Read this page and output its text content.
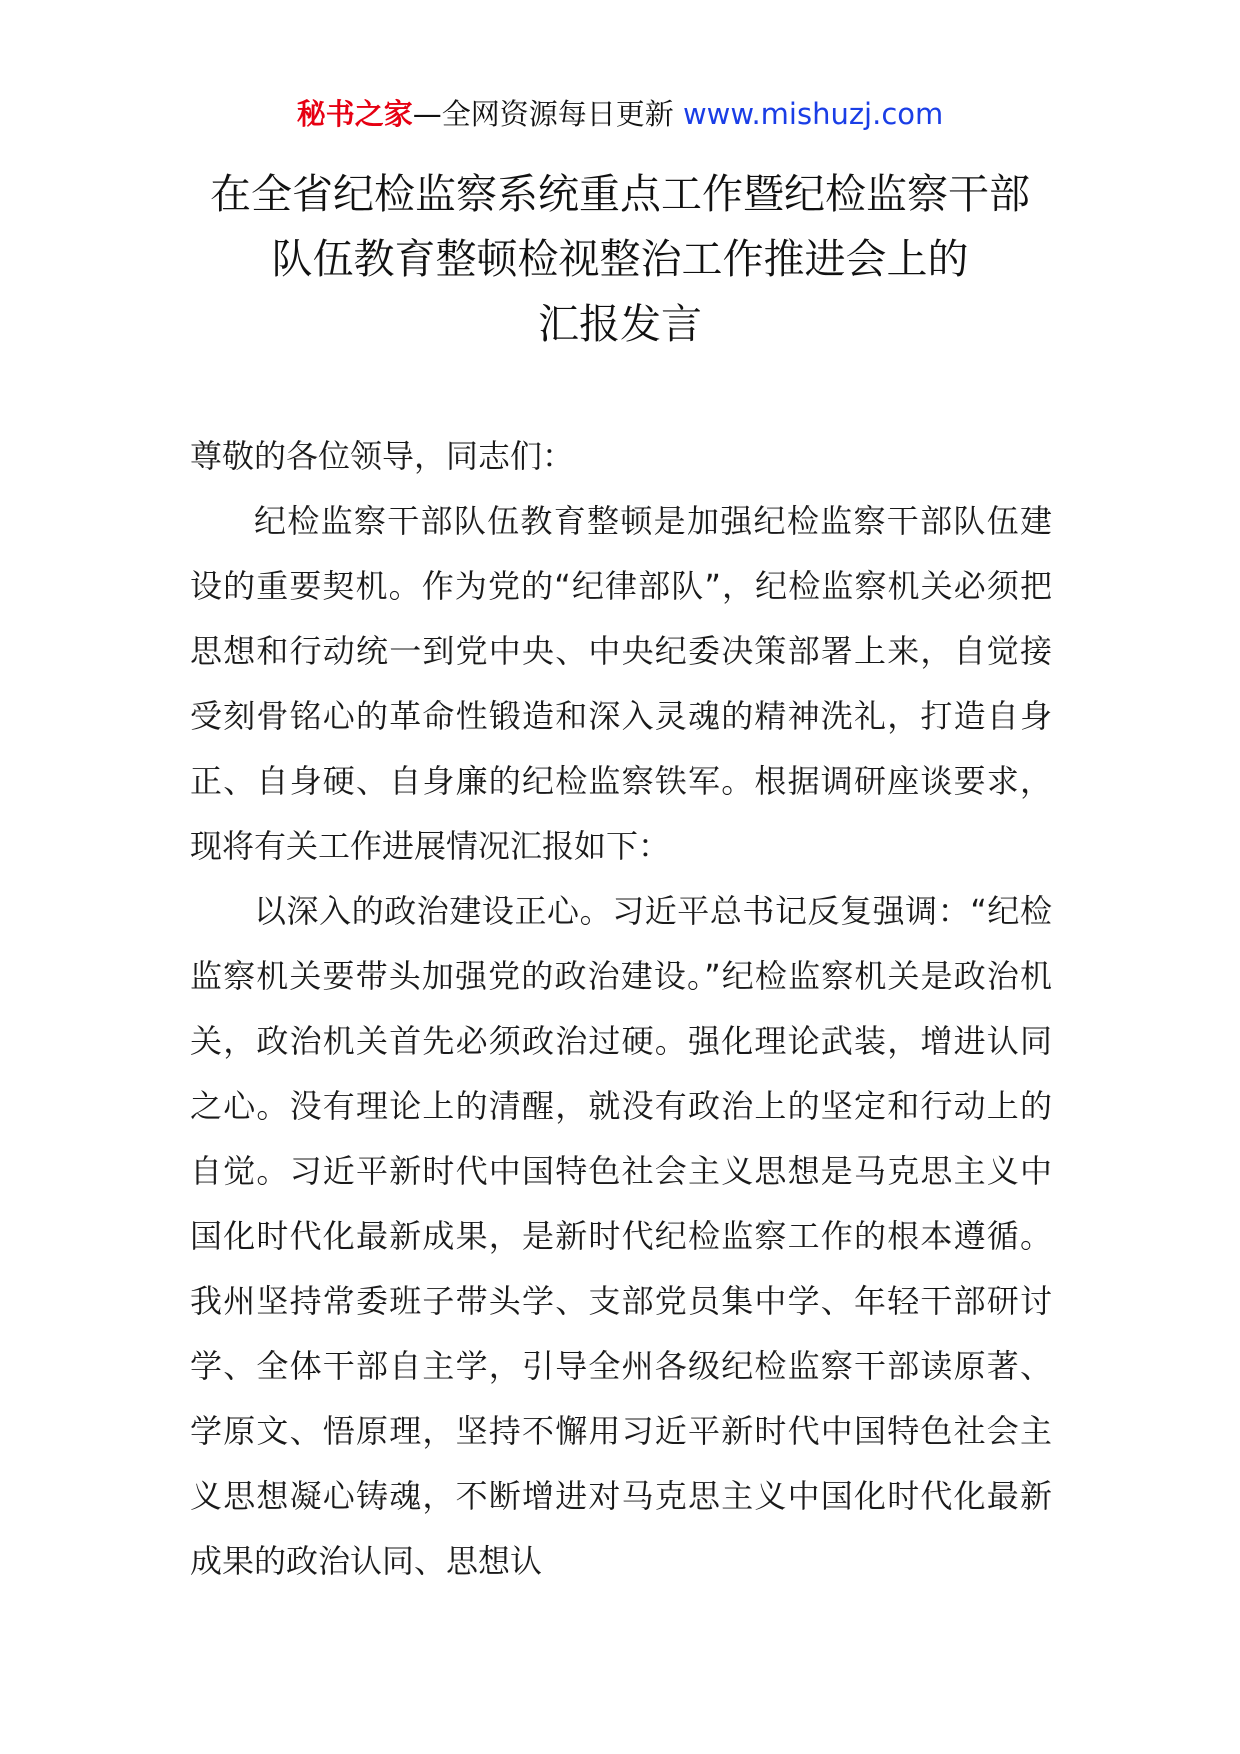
秘书之家—全网资源每日更新 www.mishuzj.com
在全省纪检监察系统重点工作暨纪检监察干部
队伍教育整顿检视整治工作推进会上的
汇报发言

尊敬的各位领导，同志们：

纪检监察干部队伍教育整顿是加强纪检监察干部队伍建设的重要契机。作为党的“纪律部队”，纪检监察机关必须把思想和行动统一到党中央、中央纪委决策部署上来，自觉接受刻骨铭心的革命性锻造和深入灵魂的精神洗礼，打造自身正、自身硬、自身廉的纪检监察铁军。根据调研座谈要求，现将有关工作进展情况汇报如下：

以深入的政治建设正心。习近平总书记反复强调：“纪检监察机关要带头加强党的政治建设。”纪检监察机关是政治机关，政治机关首先必须政治过硬。强化理论武装，增进认同之心。没有理论上的清醒，就没有政治上的坚定和行动上的自觉。习近平新时代中国特色社会主义思想是马克思主义中国化时代化最新成果，是新时代纪检监察工作的根本遵循。我州坚持常委班子带头学、支部党员集中学、年轻干部研讨学、全体干部自主学，引导全州各级纪检监察干部读原著、学原文、悟原理，坚持不懈用习近平新时代中国特色社会主义思想凝心铸魂，不断增进对马克思主义中国化时代化最新成果的政治认同、思想认
